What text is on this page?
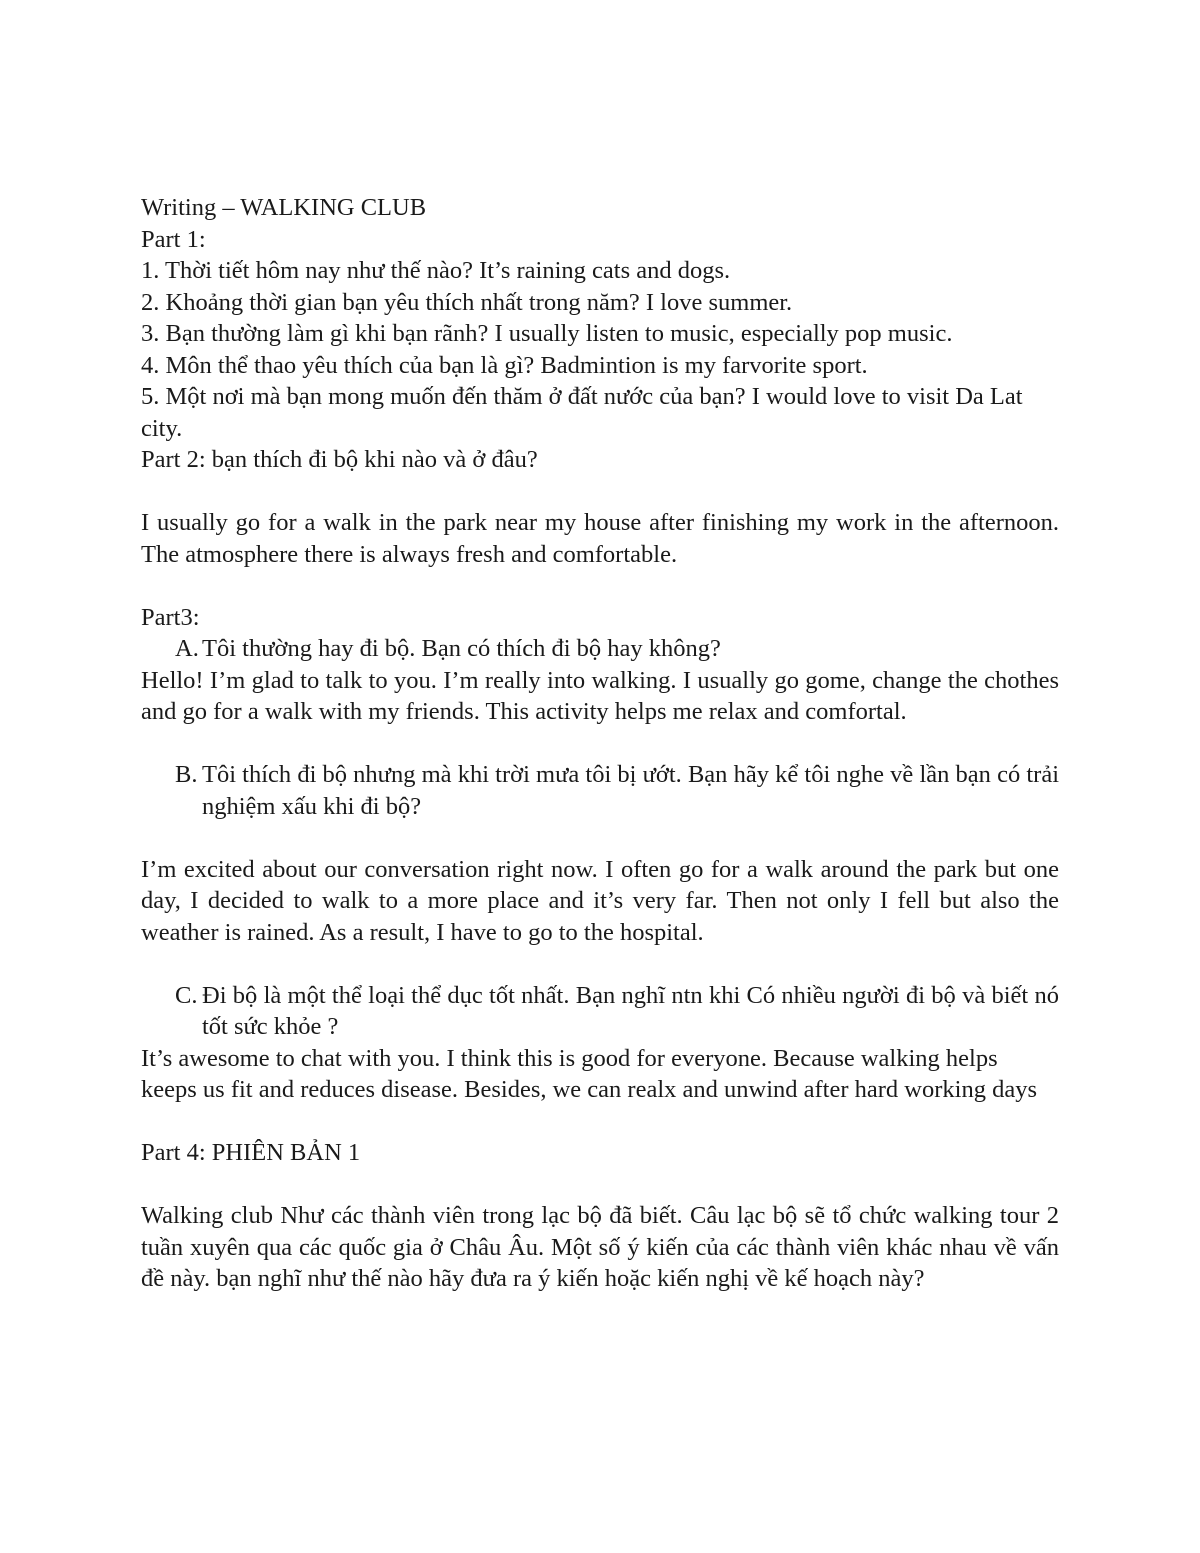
Writing – WALKING CLUB

Part 1:

1. Thời tiết hôm nay như thế nào? It’s raining cats and dogs.

2. Khoảng thời gian bạn yêu thích nhất trong năm? I love summer.

3. Bạn thường làm gì khi bạn rãnh? I usually listen to music, especially pop music.

4. Môn thể thao yêu thích của bạn là gì? Badmintion is my farvorite sport.

5. Một nơi mà bạn mong muốn đến thăm ở đất nước của bạn? I would love to visit Da Lat city.

Part 2: bạn thích đi bộ khi nào và ở đâu?

I usually go for a walk in the park near my house after finishing my work in the afternoon. The atmosphere there is always fresh and comfortable.

Part3:

A. Tôi thường hay đi bộ. Bạn có thích đi bộ hay không?

Hello! I’m glad to talk to you. I’m really into walking. I usually go gome, change the chothes and go for a walk with my friends. This activity helps me relax and comfortal.

B. Tôi thích đi bộ nhưng mà khi trời mưa tôi bị ướt. Bạn hãy kể tôi nghe về lần bạn có trải nghiệm xấu khi đi bộ?

I’m excited about our conversation right now. I often go for a walk around the park but one day, I decided to walk to a more place and it’s very far. Then not only I fell but also the weather is rained. As a result, I have to go to the hospital.

C. Đi bộ là một thể loại thể dục tốt nhất. Bạn nghĩ ntn khi Có nhiều người đi bộ và biết nó tốt sức khỏe ?

It’s awesome to chat with you. I think this is good for everyone. Because walking helps keeps us fit and reduces disease. Besides, we can realx and unwind after hard working days

Part 4: PHIÊN BẢN 1

Walking club Như các thành viên trong lạc bộ đã biết. Câu lạc bộ sẽ tổ chức walking tour 2 tuần xuyên qua các quốc gia ở Châu Âu. Một số ý kiến của các thành viên khác nhau về vấn đề này. bạn nghĩ như thế nào hãy đưa ra ý kiến hoặc kiến nghị về kế hoạch này?
